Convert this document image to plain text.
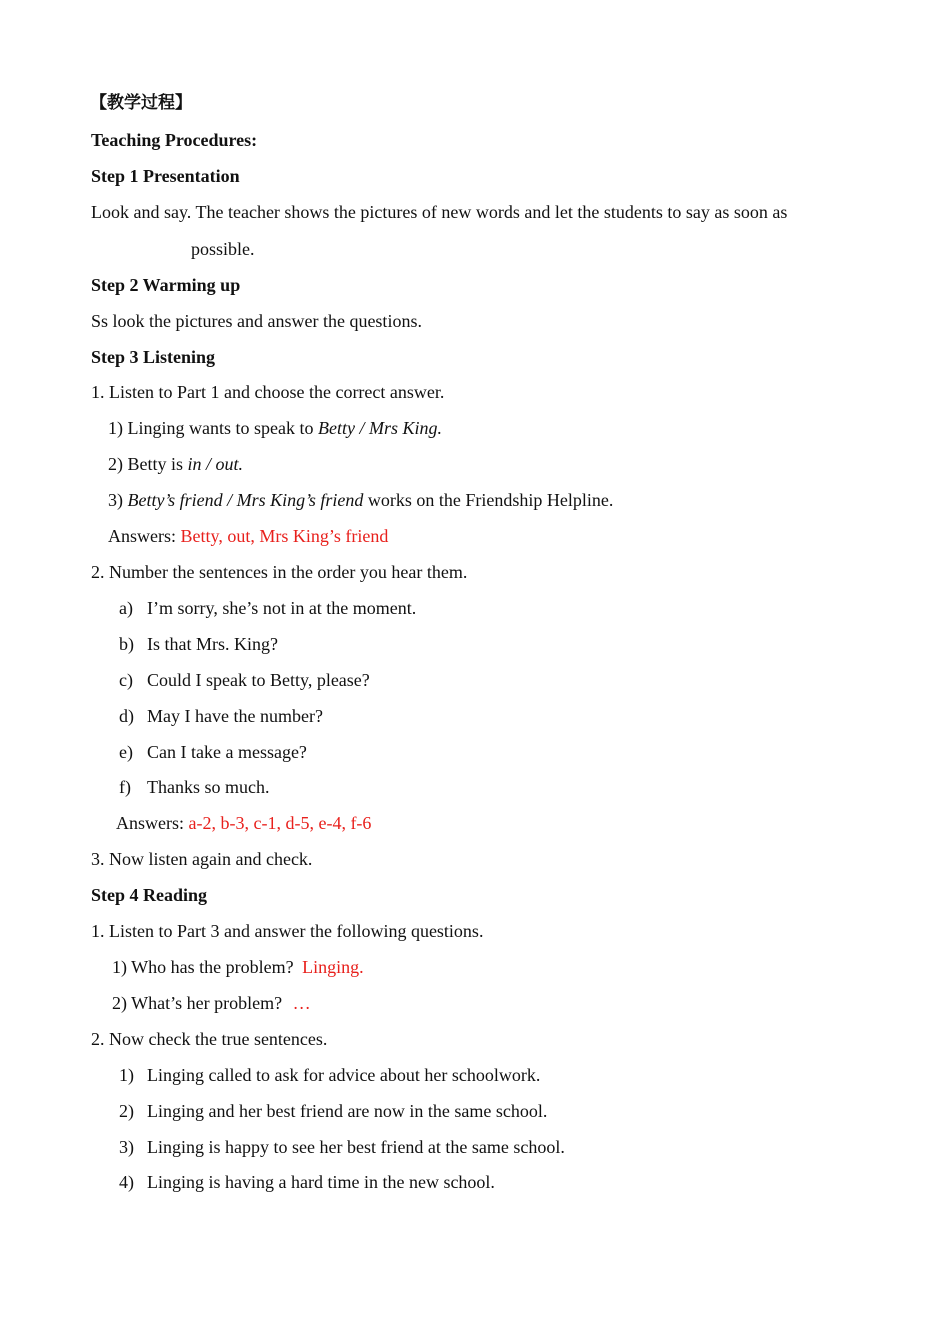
【教学过程】
Teaching Procedures:
Step 1 Presentation
Look and say. The teacher shows the pictures of new words and let the students to say as soon as
possible.
Step 2 Warming up
Ss look the pictures and answer the questions.
Step 3 Listening
1. Listen to Part 1 and choose the correct answer.
1) Linging wants to speak to Betty / Mrs King.
2) Betty is in / out.
3) Betty’s friend / Mrs King’s friend works on the Friendship Helpline.
Answers: Betty, out, Mrs King’s friend
2. Number the sentences in the order you hear them.
a) I’m sorry, she’s not in at the moment.
b) Is that Mrs. King?
c) Could I speak to Betty, please?
d) May I have the number?
e) Can I take a message?
f) Thanks so much.
Answers: a-2, b-3, c-1, d-5, e-4, f-6
3. Now listen again and check.
Step 4 Reading
1. Listen to Part 3 and answer the following questions.
1) Who has the problem? Linging.
2) What’s her problem? …
2. Now check the true sentences.
1) Linging called to ask for advice about her schoolwork.
2) Linging and her best friend are now in the same school.
3) Linging is happy to see her best friend at the same school.
4) Linging is having a hard time in the new school.
